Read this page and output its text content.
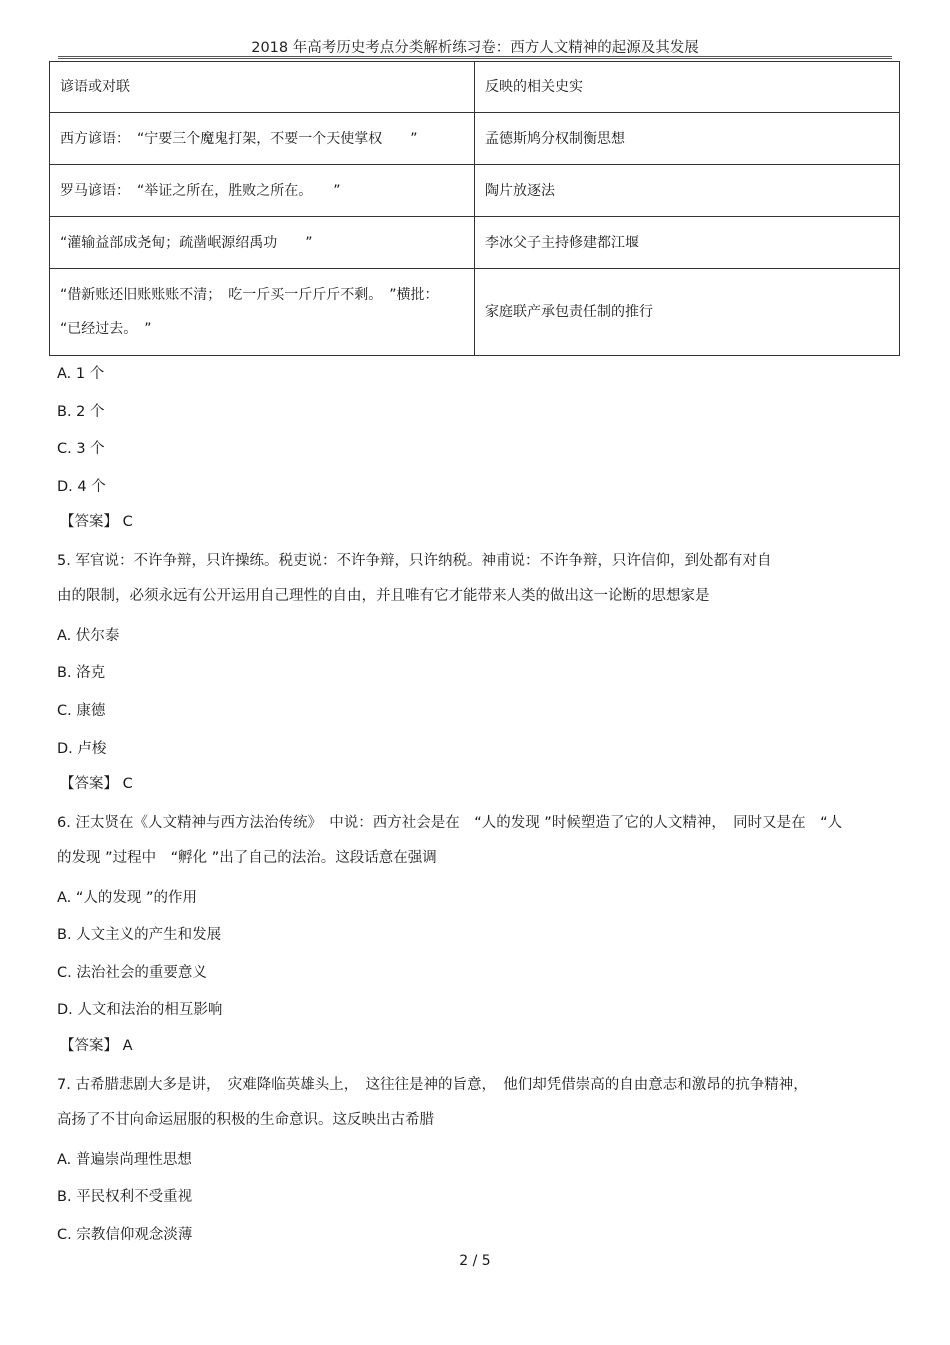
2018 年高考历史考点分类解析练习卷：西方人文精神的起源及其发展
谚语或对联	反映的相关史实
西方谚语：　“宁要三个魔鬼打架，不要一个天使掌权　　”	孟德斯鸠分权制衡思想
罗马谚语：　“举证之所在，胜败之所在。　　”	陶片放逐法
“灌输益部成尧甸；疏凿岷源绍禹功　　”	李冰父子主持修建都江堰

“借新账还旧账账账不清；　吃一斤买一斤斤斤不剩。　”横批：
“已经过去。　”	家庭联产承包责任制的推行
A. 1 个
B. 2 个
C. 3 个
D. 4 个
【答案】 C
5. 军官说：不许争辩，只许操练。税吏说：不许争辩，只许纳税。神甫说：不许争辩，只许信仰，到处都有对自
由的限制，必须永远有公开运用自己理性的自由，并且唯有它才能带来人类的做出这一论断的思想家是
A. 伏尔泰
B. 洛克
C. 康德
D. 卢梭
【答案】 C
6. 汪太贤在《人文精神与西方法治传统》　中说：西方社会是在　“人的发现 ”时候塑造了它的人文精神，　同时又是在　“人
的发现 ”过程中　“孵化 ”出了自己的法治。这段话意在强调
A. “人的发现 ”的作用
B. 人文主义的产生和发展
C. 法治社会的重要意义
D. 人文和法治的相互影响
【答案】 A
7. 古希腊悲剧大多是讲，　灾难降临英雄头上，　这往往是神的旨意，　他们却凭借崇高的自由意志和激昂的抗争精神，
高扬了不甘向命运屈服的积极的生命意识。这反映出古希腊
A. 普遍崇尚理性思想
B. 平民权利不受重视
C. 宗教信仰观念淡薄
2 / 5
